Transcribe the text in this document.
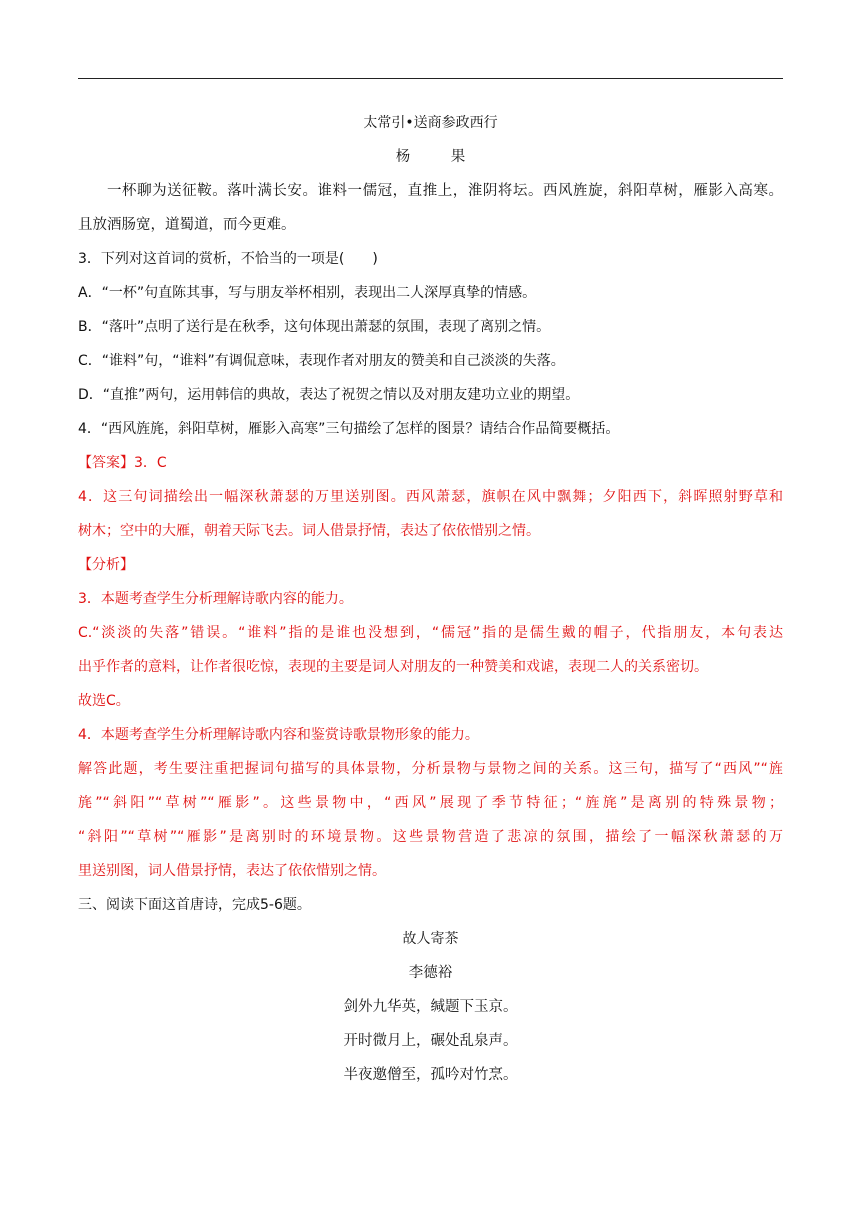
太常引•送商参政西行
杨 果
一杯聊为送征鞍。落叶满长安。谁料一儒冠，直推上，淮阴将坛。西风旌旋，斜阳草树，雁影入高寒。
且放酒肠宽，道蜀道，而今更难。
3．下列对这首词的赏析，不恰当的一项是(　　)
A．“一杯”句直陈其事，写与朋友举杯相别，表现出二人深厚真挚的情感。
B．“落叶”点明了送行是在秋季，这句体现出萧瑟的氛围，表现了离别之情。
C．“谁料”句，“谁料”有调侃意味，表现作者对朋友的赞美和自己淡淡的失落。
D．“直推”两句，运用韩信的典故，表达了祝贺之情以及对朋友建功立业的期望。
4．“西风旌旄，斜阳草树，雁影入高寒”三句描绘了怎样的图景？请结合作品简要概括。
【答案】3．C
4．这三句词描绘出一幅深秋萧瑟的万里送别图。西风萧瑟，旗帜在风中飘舞；夕阳西下，斜晖照射野草和
树木；空中的大雁，朝着天际飞去。词人借景抒情，表达了依依惜别之情。
【分析】
3．本题考查学生分析理解诗歌内容的能力。
C.“淡淡的失落”错误。“谁料”指的是谁也没想到，“儒冠”指的是儒生戴的帽子，代指朋友，本句表达
出乎作者的意料，让作者很吃惊，表现的主要是词人对朋友的一种赞美和戏谑，表现二人的关系密切。
故选C。
4．本题考查学生分析理解诗歌内容和鉴赏诗歌景物形象的能力。
解答此题，考生要注重把握词句描写的具体景物，分析景物与景物之间的关系。这三句，描写了“西风”“旌
旄”“斜阳”“草树”“雁影”。这些景物中，“西风”展现了季节特征；“旌旄”是离别的特殊景物；
“斜阳”“草树”“雁影”是离别时的环境景物。这些景物营造了悲凉的氛围，描绘了一幅深秋萧瑟的万
里送别图，词人借景抒情，表达了依依惜别之情。
三、阅读下面这首唐诗，完成5-6题。
故人寄茶
李德裕
剑外九华英，缄题下玉京。
开时微月上，碾处乱泉声。
半夜邀僧至，孤吟对竹烹。
